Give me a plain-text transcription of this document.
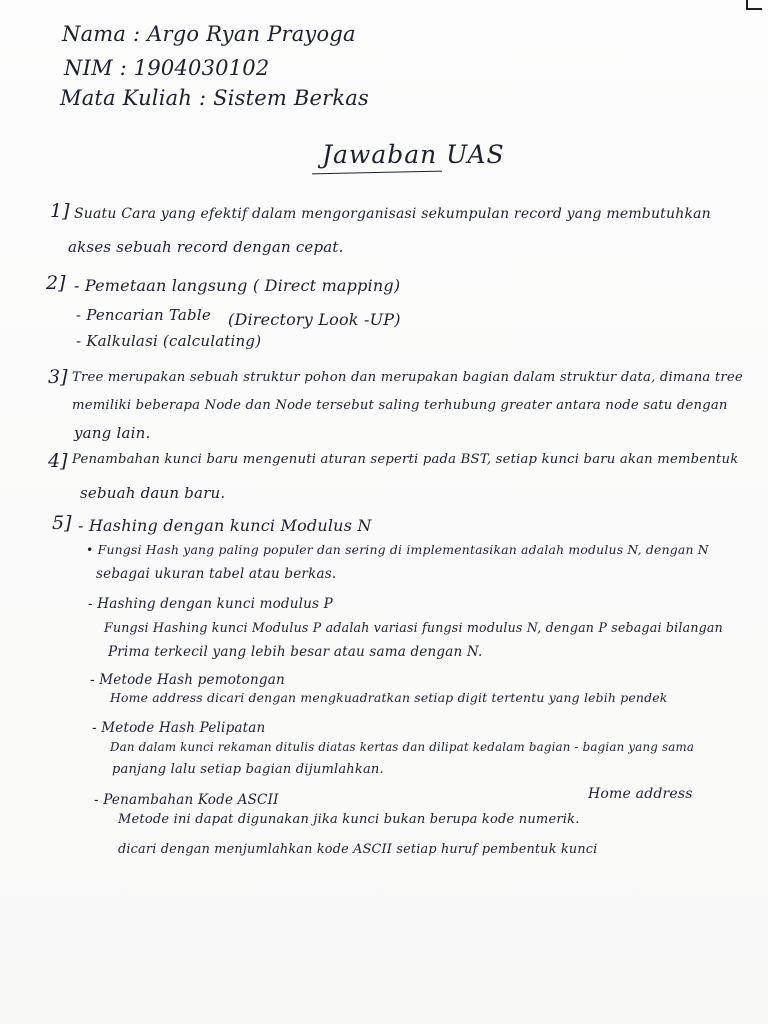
Nama : Argo Ryan Prayoga
NIM : 1904030102
Mata Kuliah : Sistem Berkas
Jawaban UAS
1] Suatu Cara yang efektif dalam mengorganisasi sekumpulan record yang membutuhkan
akses sebuah record dengan cepat.
2] - Pemetaan langsung ( Direct mapping)
- Pencarian Table (Directory Look -UP)
- Kalkulasi (calculating)
3] Tree merupakan sebuah struktur pohon dan merupakan bagian dalam struktur data, dimana tree
memiliki beberapa Node dan Node tersebut saling terhubung greater antara node satu dengan
yang lain.
4] Penambahan kunci baru mengenuti aturan seperti pada BST, setiap kunci baru akan membentuk
sebuah daun baru.
5] - Hashing dengan kunci Modulus N
• Fungsi Hash yang paling populer dan sering di implementasikan adalah modulus N, dengan N
sebagai ukuran tabel atau berkas.
- Hashing dengan kunci modulus P
Fungsi Hashing kunci Modulus P adalah variasi fungsi modulus N, dengan P sebagai bilangan
Prima terkecil yang lebih besar atau sama dengan N.
- Metode Hash pemotongan
Home address dicari dengan mengkuadratkan setiap digit tertentu yang lebih pendek
- Metode Hash Pelipatan
Dan dalam kunci rekaman ditulis diatas kertas dan dilipat kedalam bagian - bagian yang sama
panjang lalu setiap bagian dijumlahkan.
- Penambahan Kode ASCII	Home address
Metode ini dapat digunakan jika kunci bukan berupa kode numerik.
dicari dengan menjumlahkan kode ASCII setiap huruf pembentuk kunci
